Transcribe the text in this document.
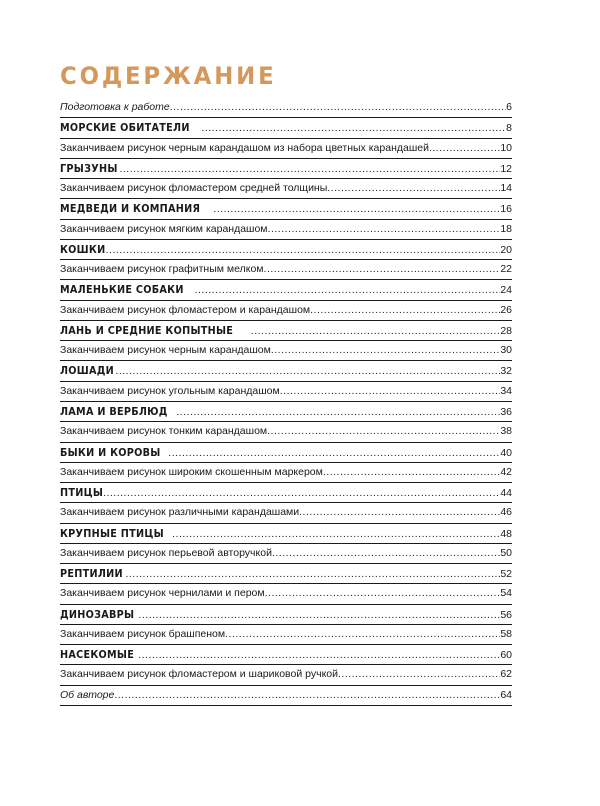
СОДЕРЖАНИЕ
Подготовка к работе .....	6
МОРСКИЕ ОБИТАТЕЛИ .....	8
Заканчиваем рисунок черным карандашом из набора цветных карандашей .....	10
ГРЫЗУНЫ .....	12
Заканчиваем рисунок фломастером средней толщины .....	14
МЕДВЕДИ И КОМПАНИЯ .....	16
Заканчиваем рисунок мягким карандашом .....	18
КОШКИ .....	20
Заканчиваем рисунок графитным мелком .....	22
МАЛЕНЬКИЕ СОБАКИ .....	24
Заканчиваем рисунок фломастером и карандашом .....	26
ЛАНЬ И СРЕДНИЕ КОПЫТНЫЕ .....	28
Заканчиваем рисунок черным карандашом .....	30
ЛОШАДИ .....	32
Заканчиваем рисунок угольным карандашом .....	34
ЛАМА И ВЕРБЛЮД .....	36
Заканчиваем рисунок тонким карандашом .....	38
БЫКИ И КОРОВЫ .....	40
Заканчиваем рисунок широким скошенным маркером .....	42
ПТИЦЫ .....	44
Заканчиваем рисунок различными карандашами .....	46
КРУПНЫЕ ПТИЦЫ .....	48
Заканчиваем рисунок перьевой авторучкой .....	50
РЕПТИЛИИ .....	52
Заканчиваем рисунок чернилами и пером .....	54
ДИНОЗАВРЫ .....	56
Заканчиваем рисунок брашпеном .....	58
НАСЕКОМЫЕ .....	60
Заканчиваем рисунок фломастером и шариковой ручкой .....	62
Об авторе .....	64
